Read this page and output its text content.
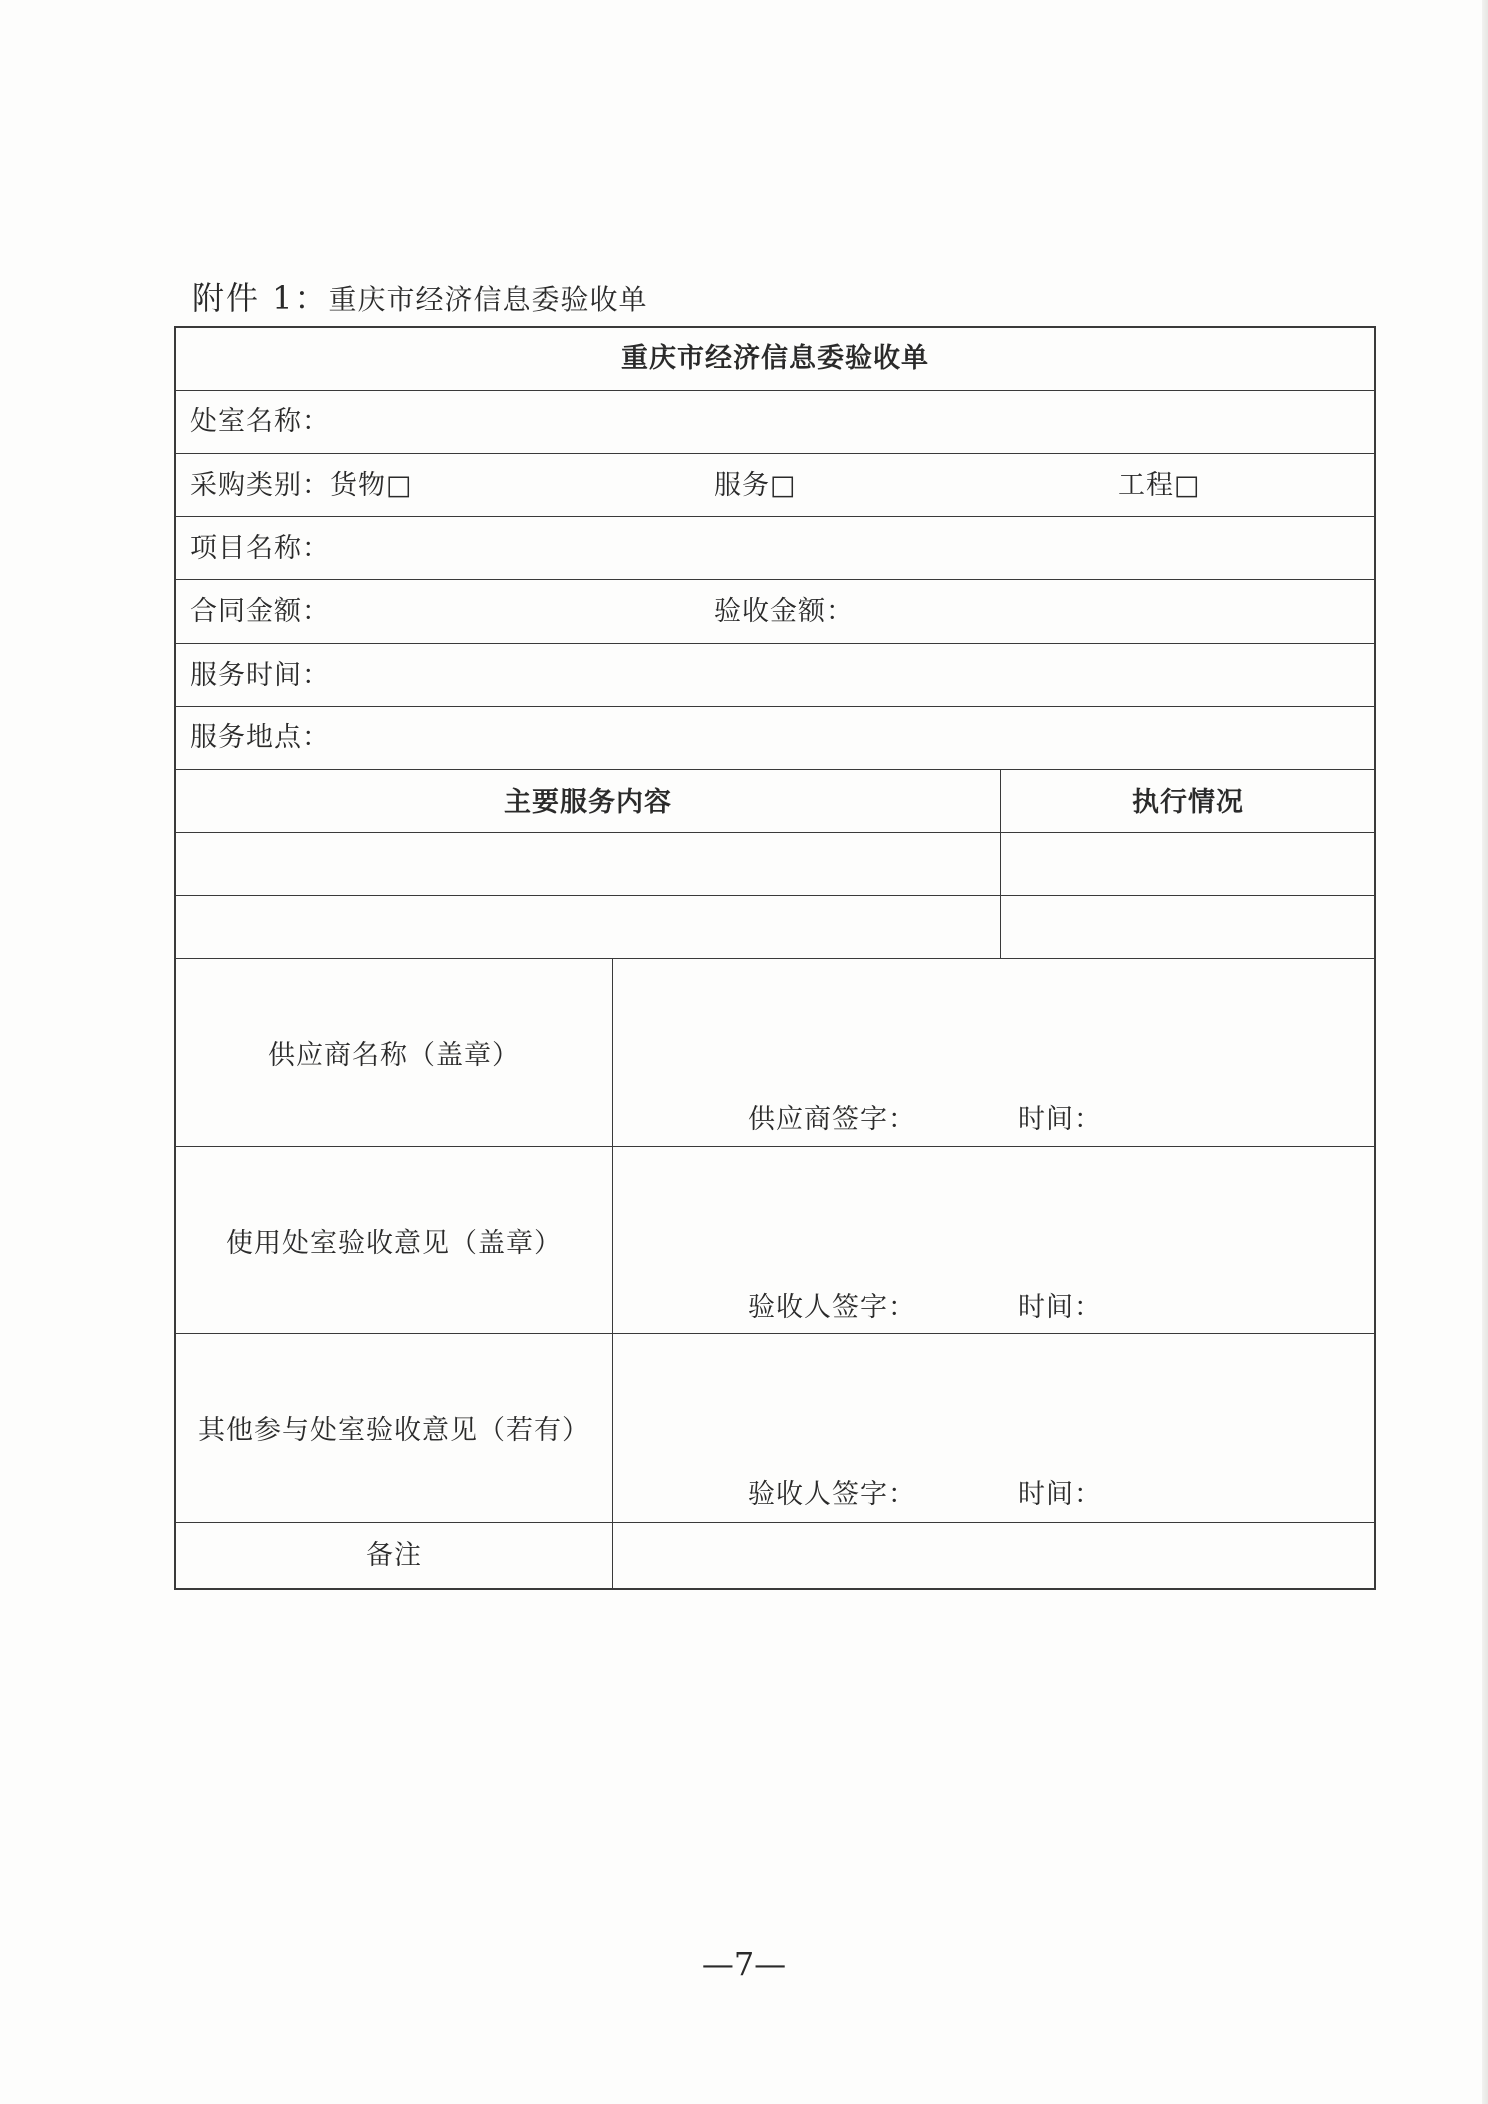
附件 1：重庆市经济信息委验收单
重庆市经济信息委验收单
处室名称：
采购类别：货物□	服务□	工程□
项目名称：
合同金额：	验收金额：
服务时间：
服务地点：
主要服务内容	执行情况
供应商名称（盖章）
供应商签字：	时间：
使用处室验收意见（盖章）
验收人签字：	时间：
其他参与处室验收意见（若有）
验收人签字：	时间：
备注
—7—
